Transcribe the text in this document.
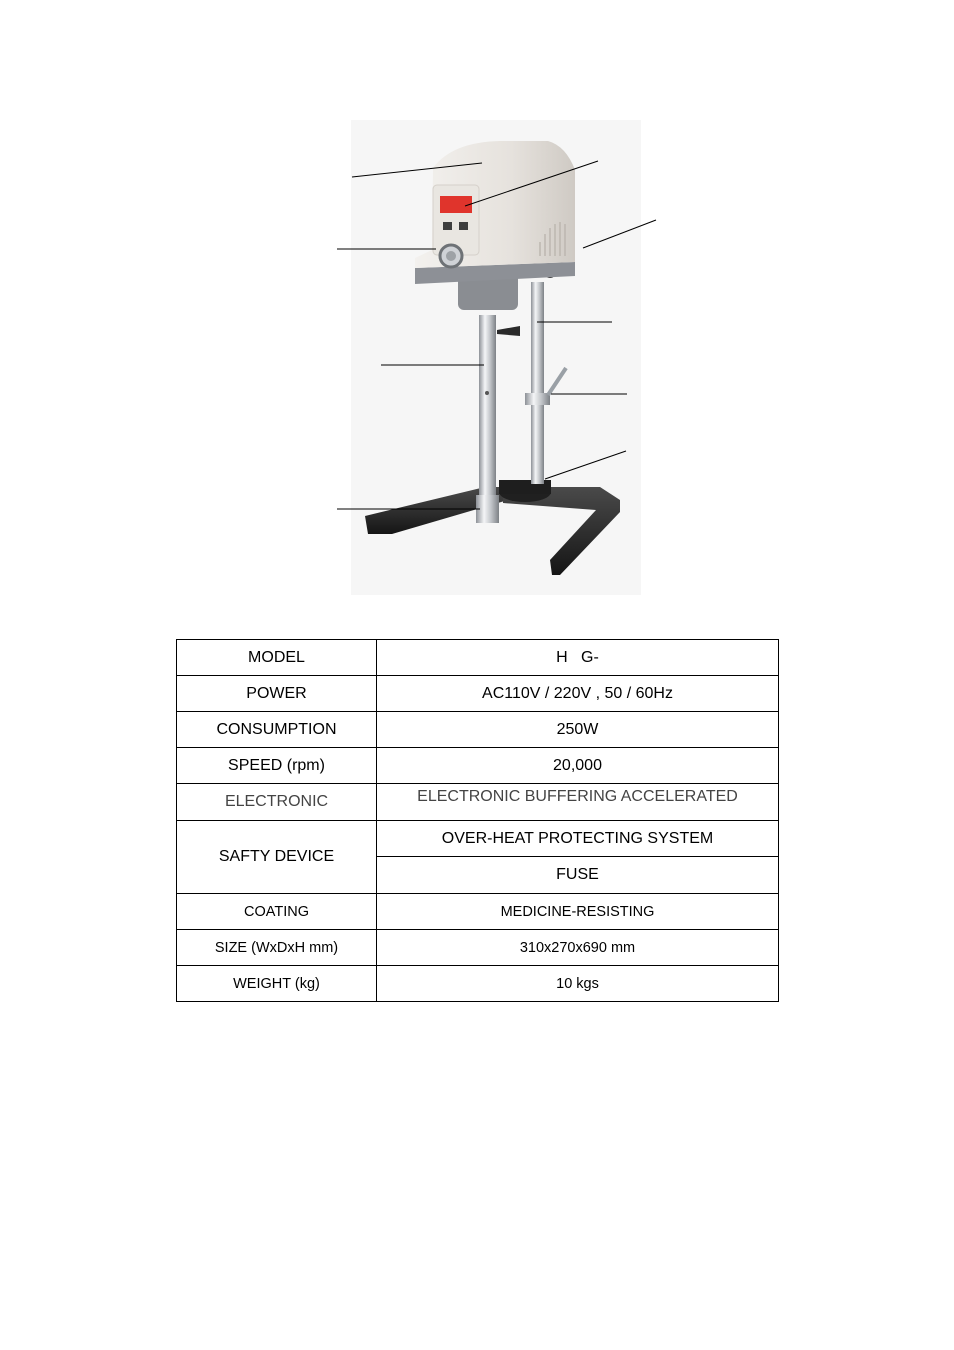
MODEL	H   G-
POWER	AC110V / 220V , 50 / 60Hz
CONSUMPTION	250W
SPEED (rpm)	20,000
ELECTRONIC	ELECTRONIC BUFFERING ACCELERATED
SAFTY DEVICE	OVER-HEAT PROTECTING SYSTEM
	FUSE
COATING	MEDICINE-RESISTING
SIZE (WxDxH mm)	310x270x690 mm
WEIGHT (kg)	10 kgs
